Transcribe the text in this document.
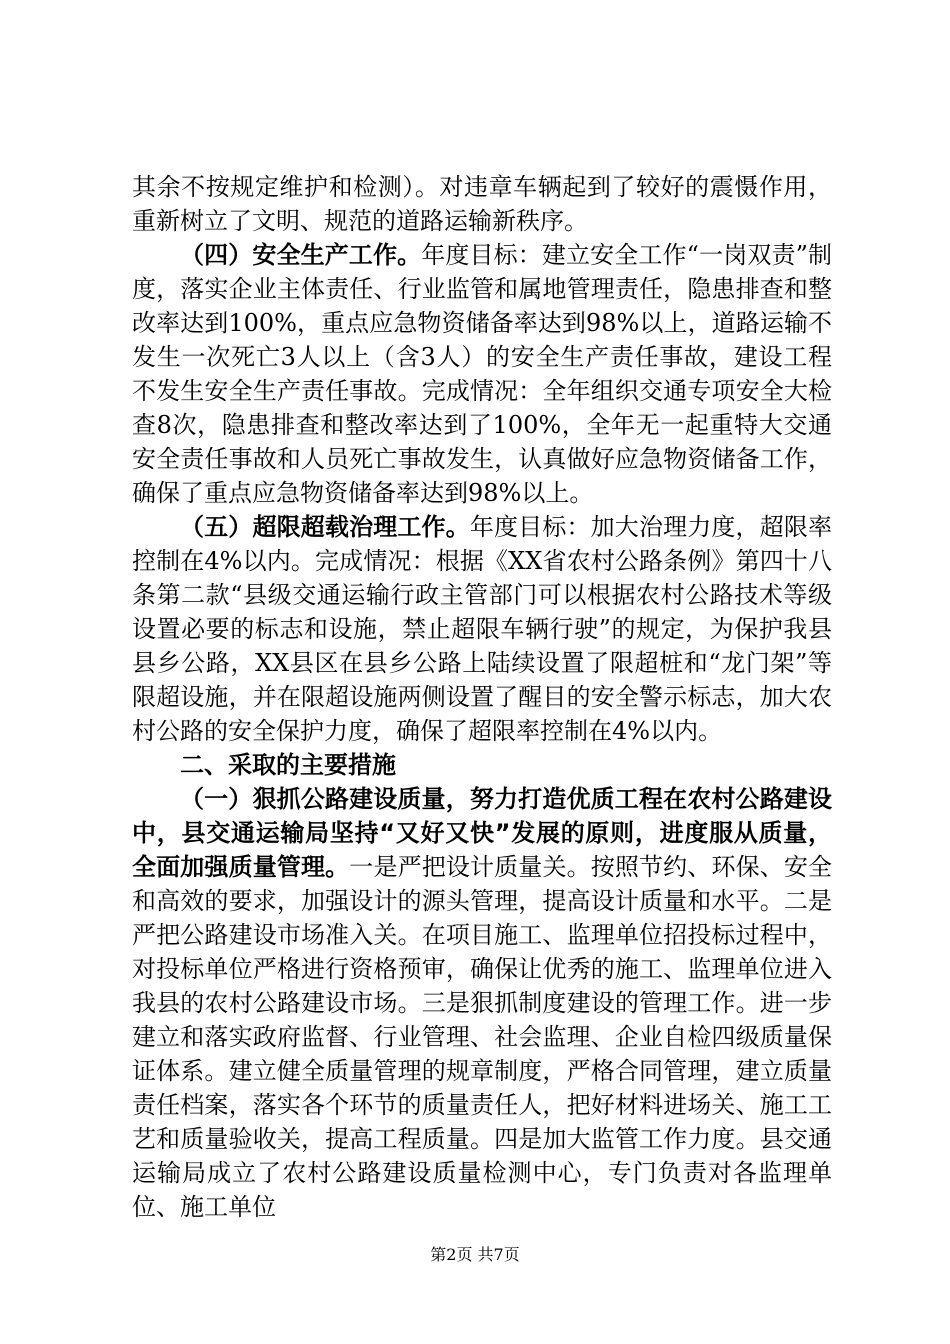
其余不按规定维护和检测）。对违章车辆起到了较好的震慑作用，重新树立了文明、规范的道路运输新秩序。

（四）安全生产工作。年度目标：建立安全工作“一岗双责”制度，落实企业主体责任、行业监管和属地管理责任，隐患排查和整改率达到100%，重点应急物资储备率达到98%以上，道路运输不发生一次死亡3人以上（含3人）的安全生产责任事故，建设工程不发生安全生产责任事故。完成情况：全年组织交通专项安全大检查8次，隐患排查和整改率达到了100%，全年无一起重特大交通安全责任事故和人员死亡事故发生，认真做好应急物资储备工作，确保了重点应急物资储备率达到98%以上。

（五）超限超载治理工作。年度目标：加大治理力度，超限率控制在4%以内。完成情况：根据《XX省农村公路条例》第四十八条第二款“县级交通运输行政主管部门可以根据农村公路技术等级设置必要的标志和设施，禁止超限车辆行驶”的规定，为保护我县县乡公路，XX县区在县乡公路上陆续设置了限超桩和“龙门架”等限超设施，并在限超设施两侧设置了醒目的安全警示标志，加大农村公路的安全保护力度，确保了超限率控制在4%以内。

二、采取的主要措施

（一）狠抓公路建设质量，努力打造优质工程在农村公路建设中，县交通运输局坚持“又好又快”发展的原则，进度服从质量，全面加强质量管理。一是严把设计质量关。按照节约、环保、安全和高效的要求，加强设计的源头管理，提高设计质量和水平。二是严把公路建设市场准入关。在项目施工、监理单位招投标过程中，对投标单位严格进行资格预审，确保让优秀的施工、监理单位进入我县的农村公路建设市场。三是狠抓制度建设的管理工作。进一步建立和落实政府监督、行业管理、社会监理、企业自检四级质量保证体系。建立健全质量管理的规章制度，严格合同管理，建立质量责任档案，落实各个环节的质量责任人，把好材料进场关、施工工艺和质量验收关，提高工程质量。四是加大监管工作力度。县交通运输局成立了农村公路建设质量检测中心，专门负责对各监理单位、施工单位

第2页 共7页
